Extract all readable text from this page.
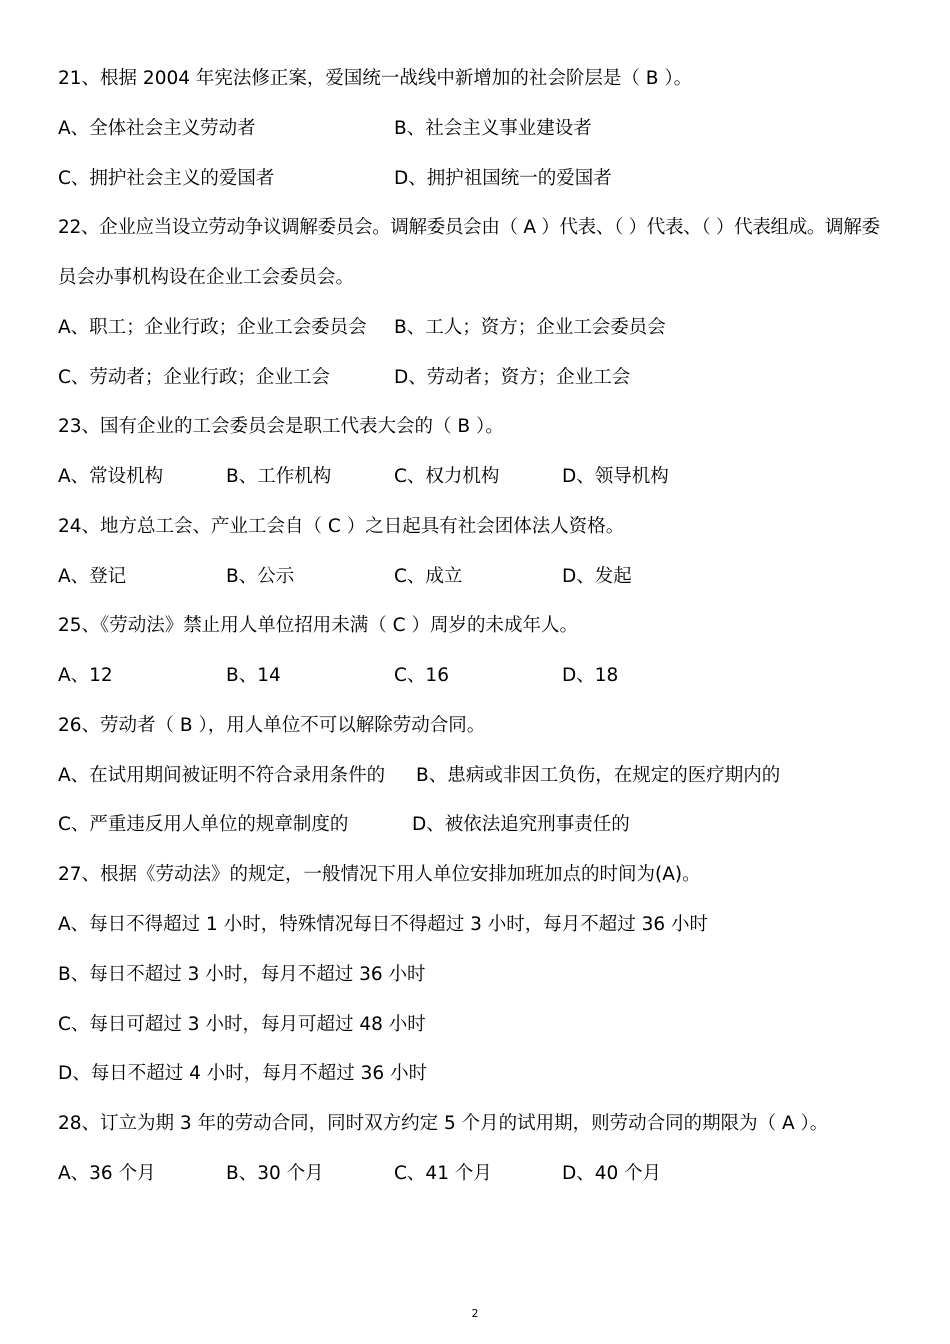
21、根据 2004 年宪法修正案，爱国统一战线中新增加的社会阶层是（ B ）。
A、全体社会主义劳动者	B、社会主义事业建设者
C、拥护社会主义的爱国者	D、拥护祖国统一的爱国者
22、企业应当设立劳动争议调解委员会。调解委员会由（ A ）代表、（ ）代表、（ ）代表组成。调解委
员会办事机构设在企业工会委员会。
A、职工；企业行政；企业工会委员会 B、工人；资方；企业工会委员会
C、劳动者；企业行政；企业工会	D、劳动者；资方；企业工会
23、国有企业的工会委员会是职工代表大会的（ B ）。
A、常设机构	B、工作机构	C、权力机构	D、领导机构
24、地方总工会、产业工会自（ C ）之日起具有社会团体法人资格。
A、登记	B、公示	C、成立	D、发起
25、《劳动法》禁止用人单位招用未满（ C ）周岁的未成年人。
A、12	B、14	C、16	D、18
26、劳动者（ B ），用人单位不可以解除劳动合同。
A、在试用期间被证明不符合录用条件的 B、患病或非因工负伤，在规定的医疗期内的
C、严重违反用人单位的规章制度的	D、被依法追究刑事责任的
27、根据《劳动法》的规定，一般情况下用人单位安排加班加点的时间为(A)。
A、每日不得超过 1 小时，特殊情况每日不得超过 3 小时，每月不超过 36 小时
B、每日不超过 3 小时，每月不超过 36 小时
C、每日可超过 3 小时，每月可超过 48 小时
D、每日不超过 4 小时，每月不超过 36 小时
28、订立为期 3 年的劳动合同，同时双方约定 5 个月的试用期，则劳动合同的期限为（ A ）。
A、36 个月	B、30 个月	C、41 个月	D、40 个月
2
